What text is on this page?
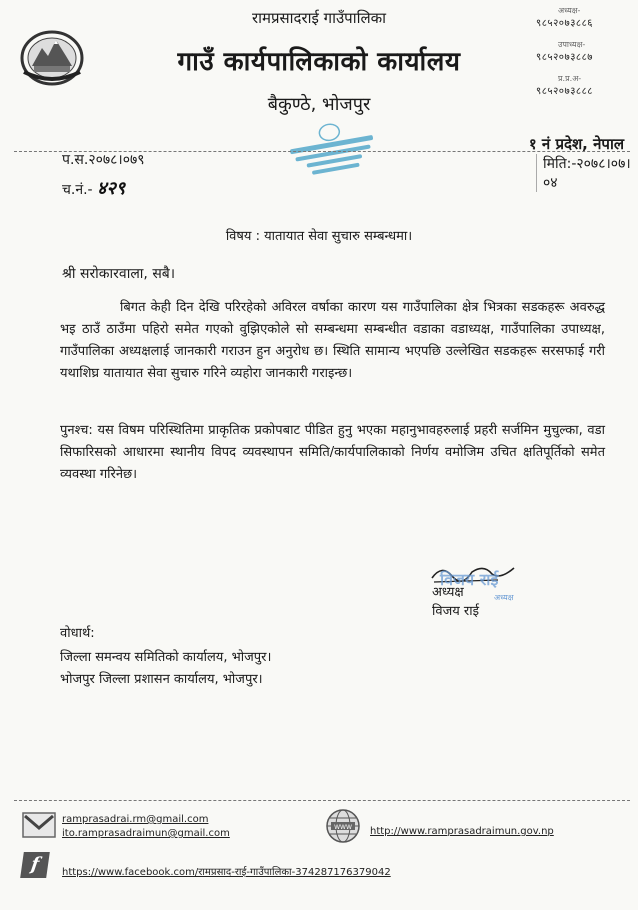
रामप्रसादराई गाउँपालिका
गाउँ कार्यपालिकाको कार्यालय
बैकुण्ठे, भोजपुर
अध्यक्ष-
९८५२०७३८८६
उपाध्यक्ष-
९८५२०७३८८७
प्र.प्र.अ-
९८५२०७३८८८
१ नं प्रदेश, नेपाल
प.स.२०७८।०७९
च.नं.- ४२९
मिति:-२०७८।०७।०४
विषय : यातायात सेवा सुचारु सम्बन्धमा।
श्री सरोकारवाला, सबै।
बिगत केही दिन देखि परिरहेको अविरल वर्षाका कारण यस गाउँपालिका क्षेत्र भित्रका सडकहरू अवरुद्ध भइ ठाउँ ठाउँमा पहिरो समेत गएको वुझिएकोले सो सम्बन्धमा सम्बन्धीत वडाका वडाध्यक्ष, गाउँपालिका उपाध्यक्ष, गाउँपालिका अध्यक्षलाई जानकारी गराउन हुन अनुरोध छ। स्थिति सामान्य भएपछि उल्लेखित सडकहरू सरसफाई गरी यथाशिघ्र यातायात सेवा सुचारु गरिने व्यहोरा जानकारी गराइन्छ।
पुनश्च: यस विषम परिस्थितिमा प्राकृतिक प्रकोपबाट पीडित हुनु भएका महानुभावहरुलाई प्रहरी सर्जमिन मुचुल्का, वडा सिफारिसको आधारमा स्थानीय विपद व्यवस्थापन समिति/कार्यपालिकाको निर्णय वमोजिम उचित क्षतिपूर्तिको समेत व्यवस्था गरिनेछ।
विजय राई
अध्यक्ष
अध्यक्ष
विजय राई
वोधार्थ:
जिल्ला समन्वय समितिको कार्यालय, भोजपुर।
भोजपुर जिल्ला प्रशासन कार्यालय, भोजपुर।
ramprasadrai.rm@gmail.com
ito.ramprasadraimun@gmail.com
WWW http://www.ramprasadraimun.gov.np
f	https://www.facebook.com/रामप्रसाद-राई-गाउँपालिका-374287176379042
